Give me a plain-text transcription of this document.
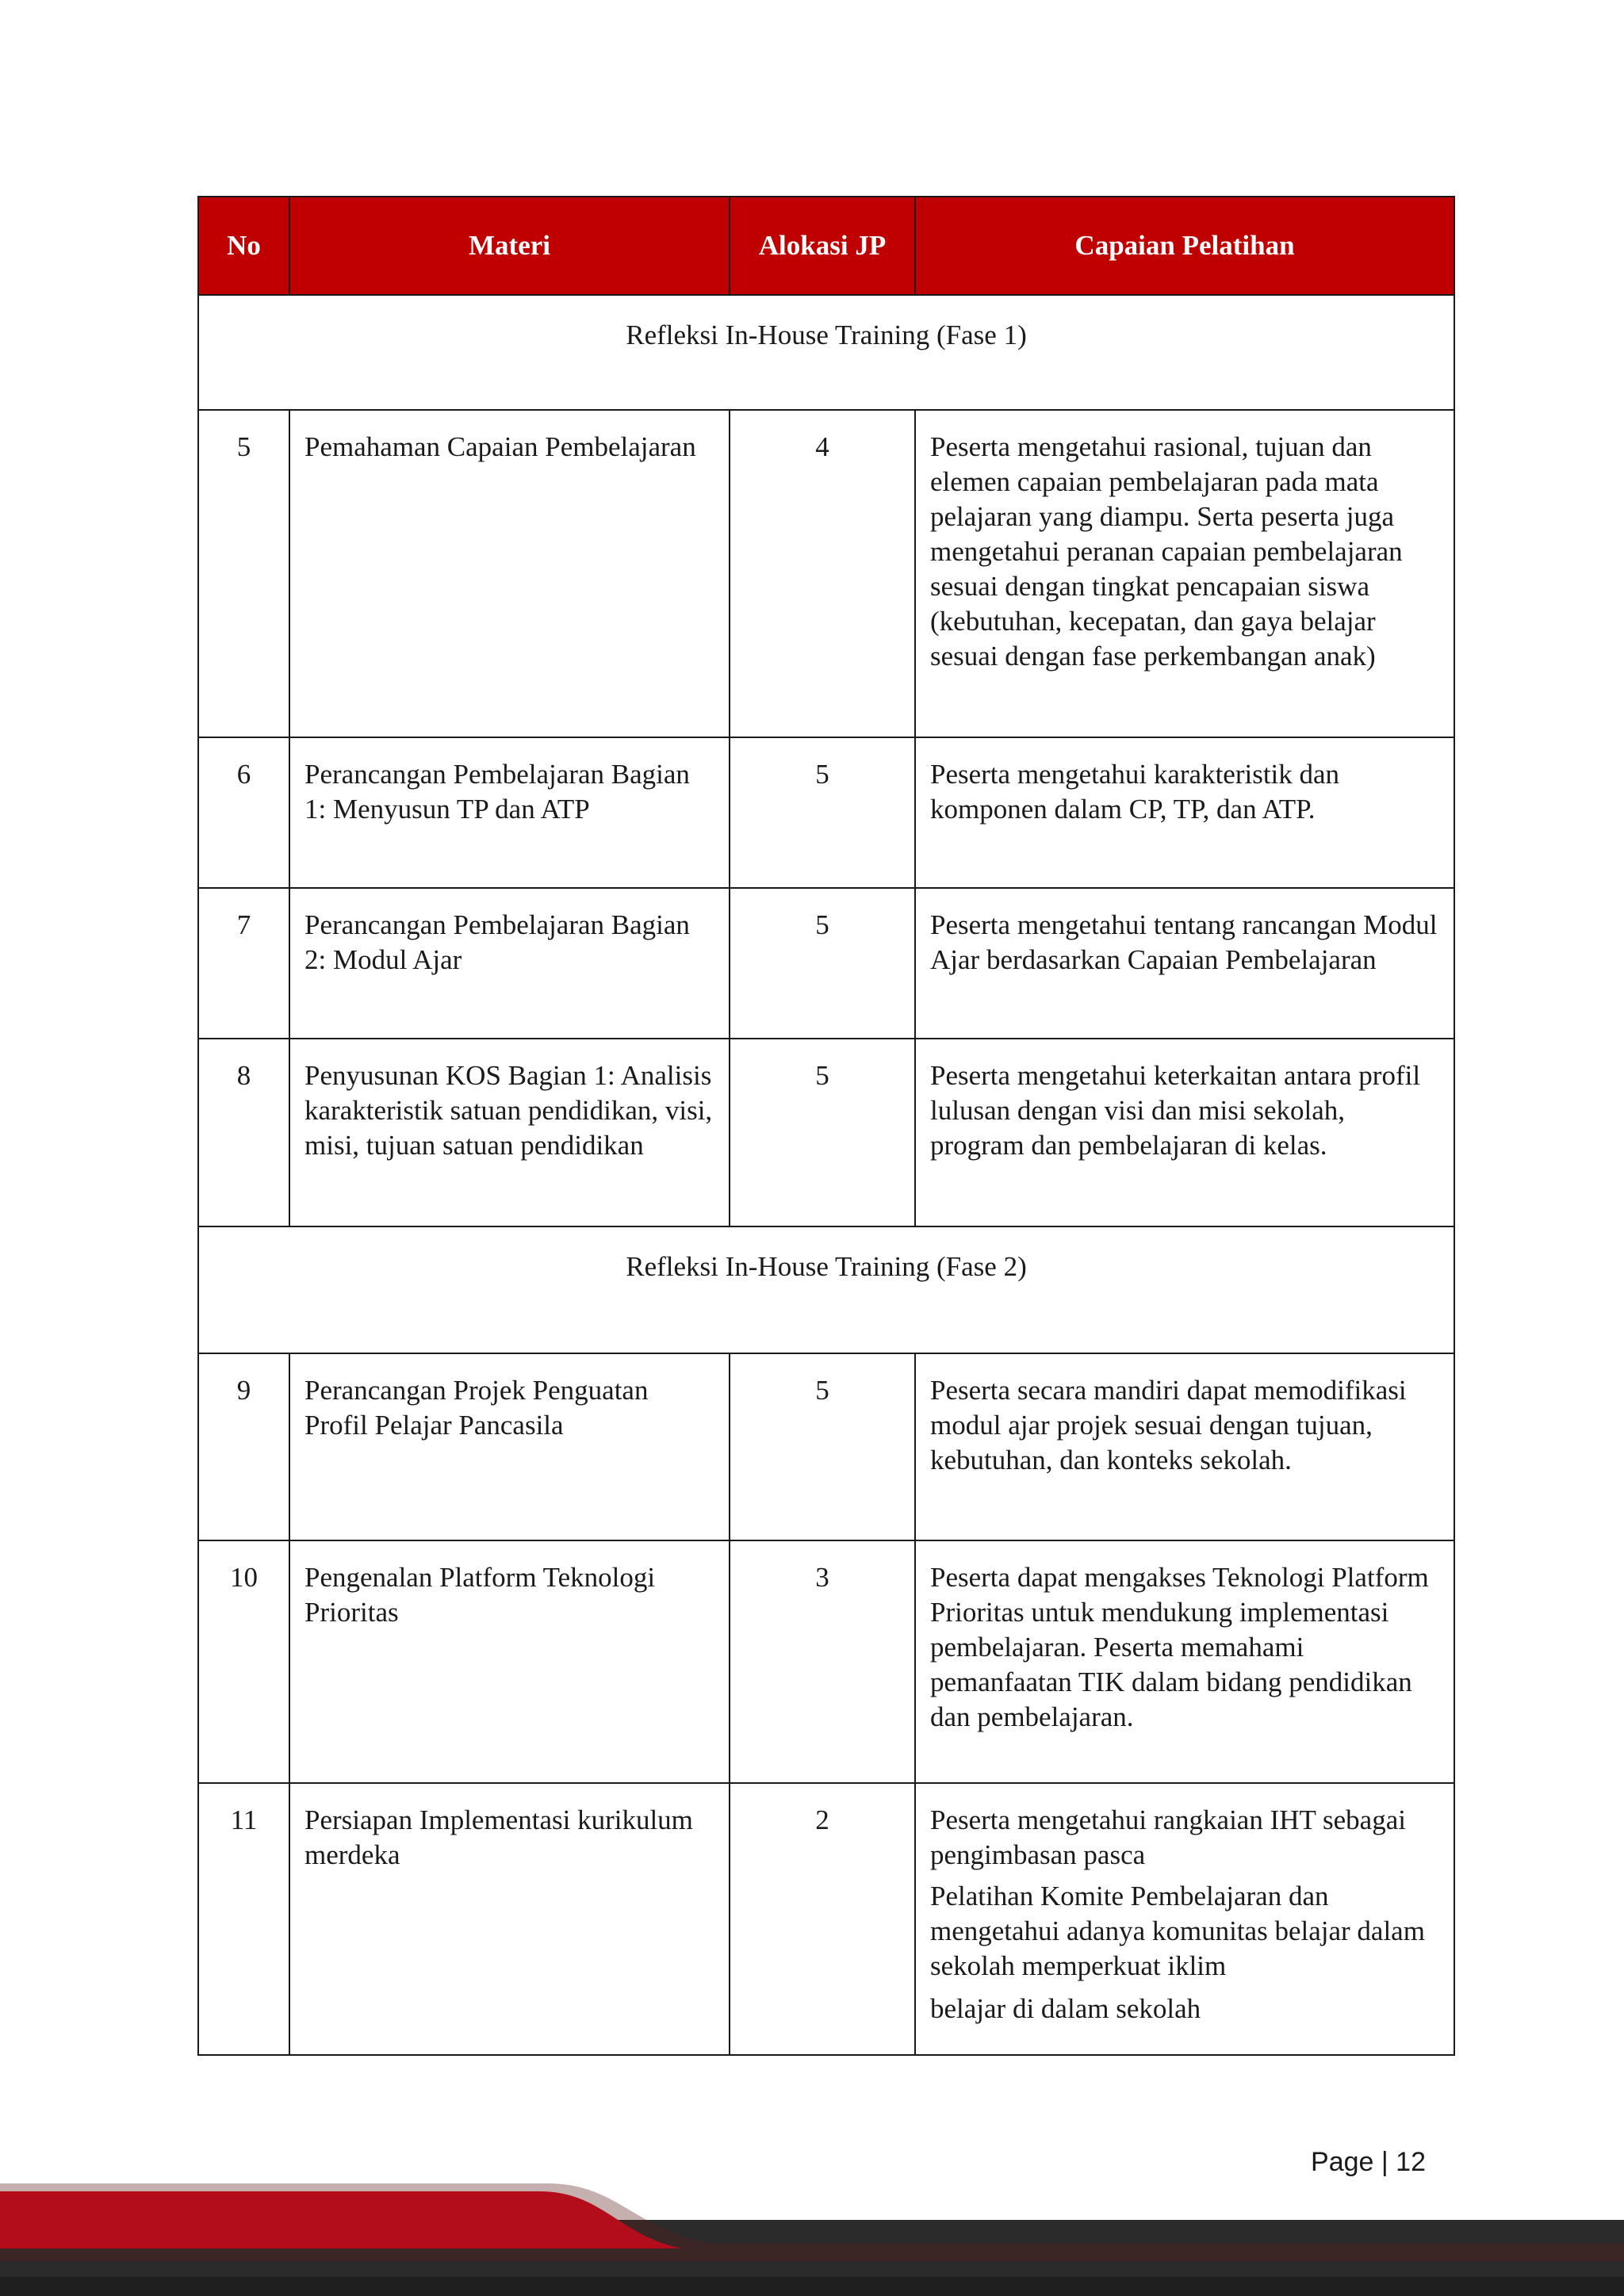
No	Materi	Alokasi JP	Capaian Pelatihan
Refleksi In-House Training (Fase 1)			
5	Pemahaman Capaian Pembelajaran	4	Peserta mengetahui rasional, tujuan dan elemen capaian pembelajaran pada mata pelajaran yang diampu. Serta peserta juga mengetahui peranan capaian pembelajaran sesuai dengan tingkat pencapaian siswa (kebutuhan, kecepatan, dan gaya belajar sesuai dengan fase perkembangan anak)
6	Perancangan Pembelajaran Bagian 1: Menyusun TP dan ATP	5	Peserta mengetahui karakteristik dan komponen dalam CP, TP, dan ATP.
7	Perancangan Pembelajaran Bagian 2: Modul Ajar	5	Peserta mengetahui tentang rancangan Modul Ajar berdasarkan Capaian Pembelajaran
8	Penyusunan KOS Bagian 1: Analisis karakteristik satuan pendidikan, visi, misi, tujuan satuan pendidikan	5	Peserta mengetahui keterkaitan antara profil lulusan dengan visi dan misi sekolah, program dan pembelajaran di kelas.
Refleksi In-House Training (Fase 2)			
9	Perancangan Projek Penguatan Profil Pelajar Pancasila	5	Peserta secara mandiri dapat memodifikasi modul ajar projek sesuai dengan tujuan, kebutuhan, dan konteks sekolah.
10	Pengenalan Platform Teknologi Prioritas	3	Peserta dapat mengakses Teknologi Platform Prioritas untuk mendukung implementasi pembelajaran. Peserta memahami pemanfaatan TIK dalam bidang pendidikan dan pembelajaran.
11	Persiapan Implementasi kurikulum merdeka	2	Peserta mengetahui rangkaian IHT sebagai pengimbasan pasca
Pelatihan Komite Pembelajaran dan mengetahui adanya komunitas belajar dalam sekolah memperkuat iklim
belajar di dalam sekolah
Page | 12
